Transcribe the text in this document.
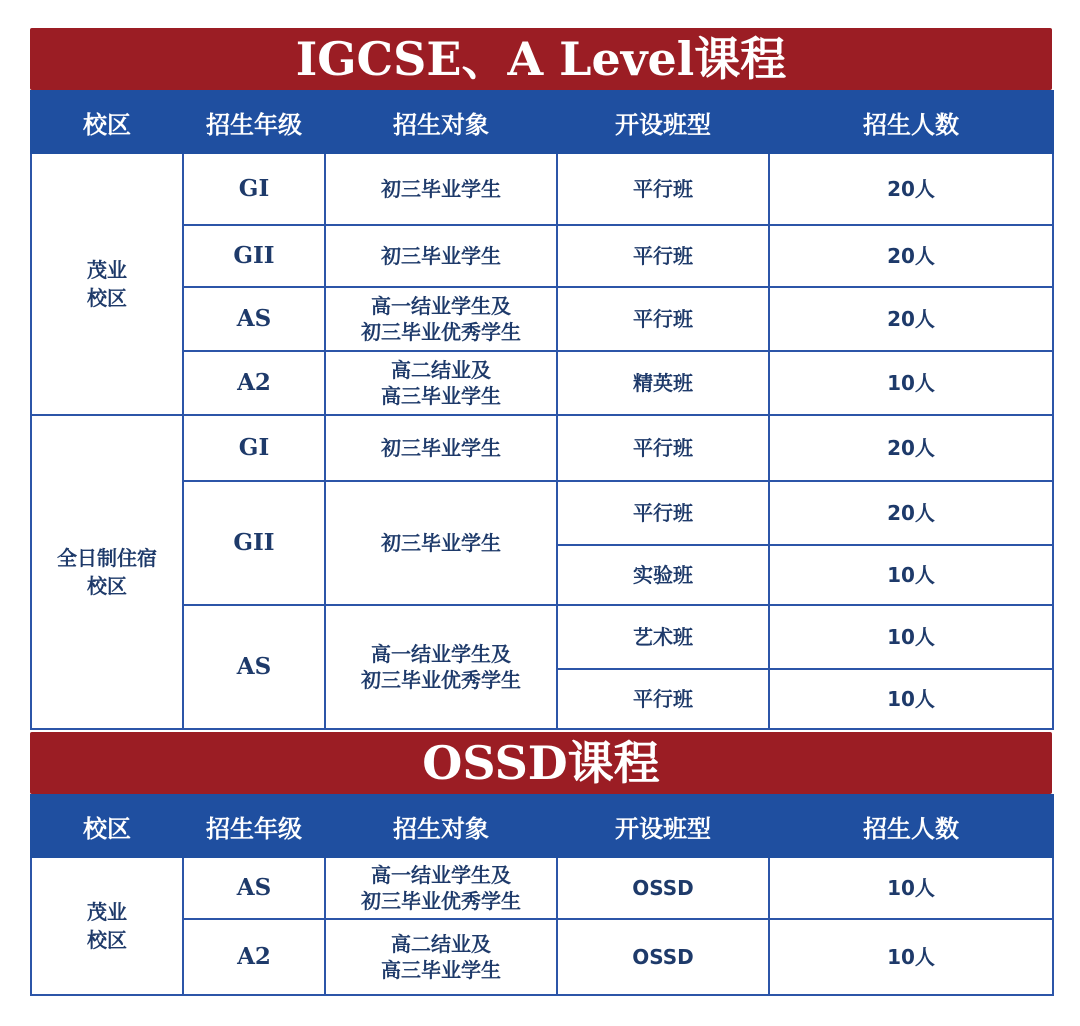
IGCSE、A Level课程
校区	招生年级	招生对象	开设班型	招生人数

茂业
校区	GI	初三毕业学生	平行班	20人
	GII	初三毕业学生	平行班	20人
	AS	高一结业学生及
初三毕业优秀学生	平行班	20人
	A2	高二结业及
高三毕业学生	精英班	10人

全日制住宿
校区	GI	初三毕业学生	平行班	20人
	GII	初三毕业学生	平行班	20人
			实验班	10人
	AS	高一结业学生及
初三毕业优秀学生	艺术班	10人
			平行班	10人
OSSD课程
校区	招生年级	招生对象	开设班型	招生人数

茂业
校区	AS	高一结业学生及
初三毕业优秀学生	OSSD	10人
	A2	高二结业及
高三毕业学生	OSSD	10人
